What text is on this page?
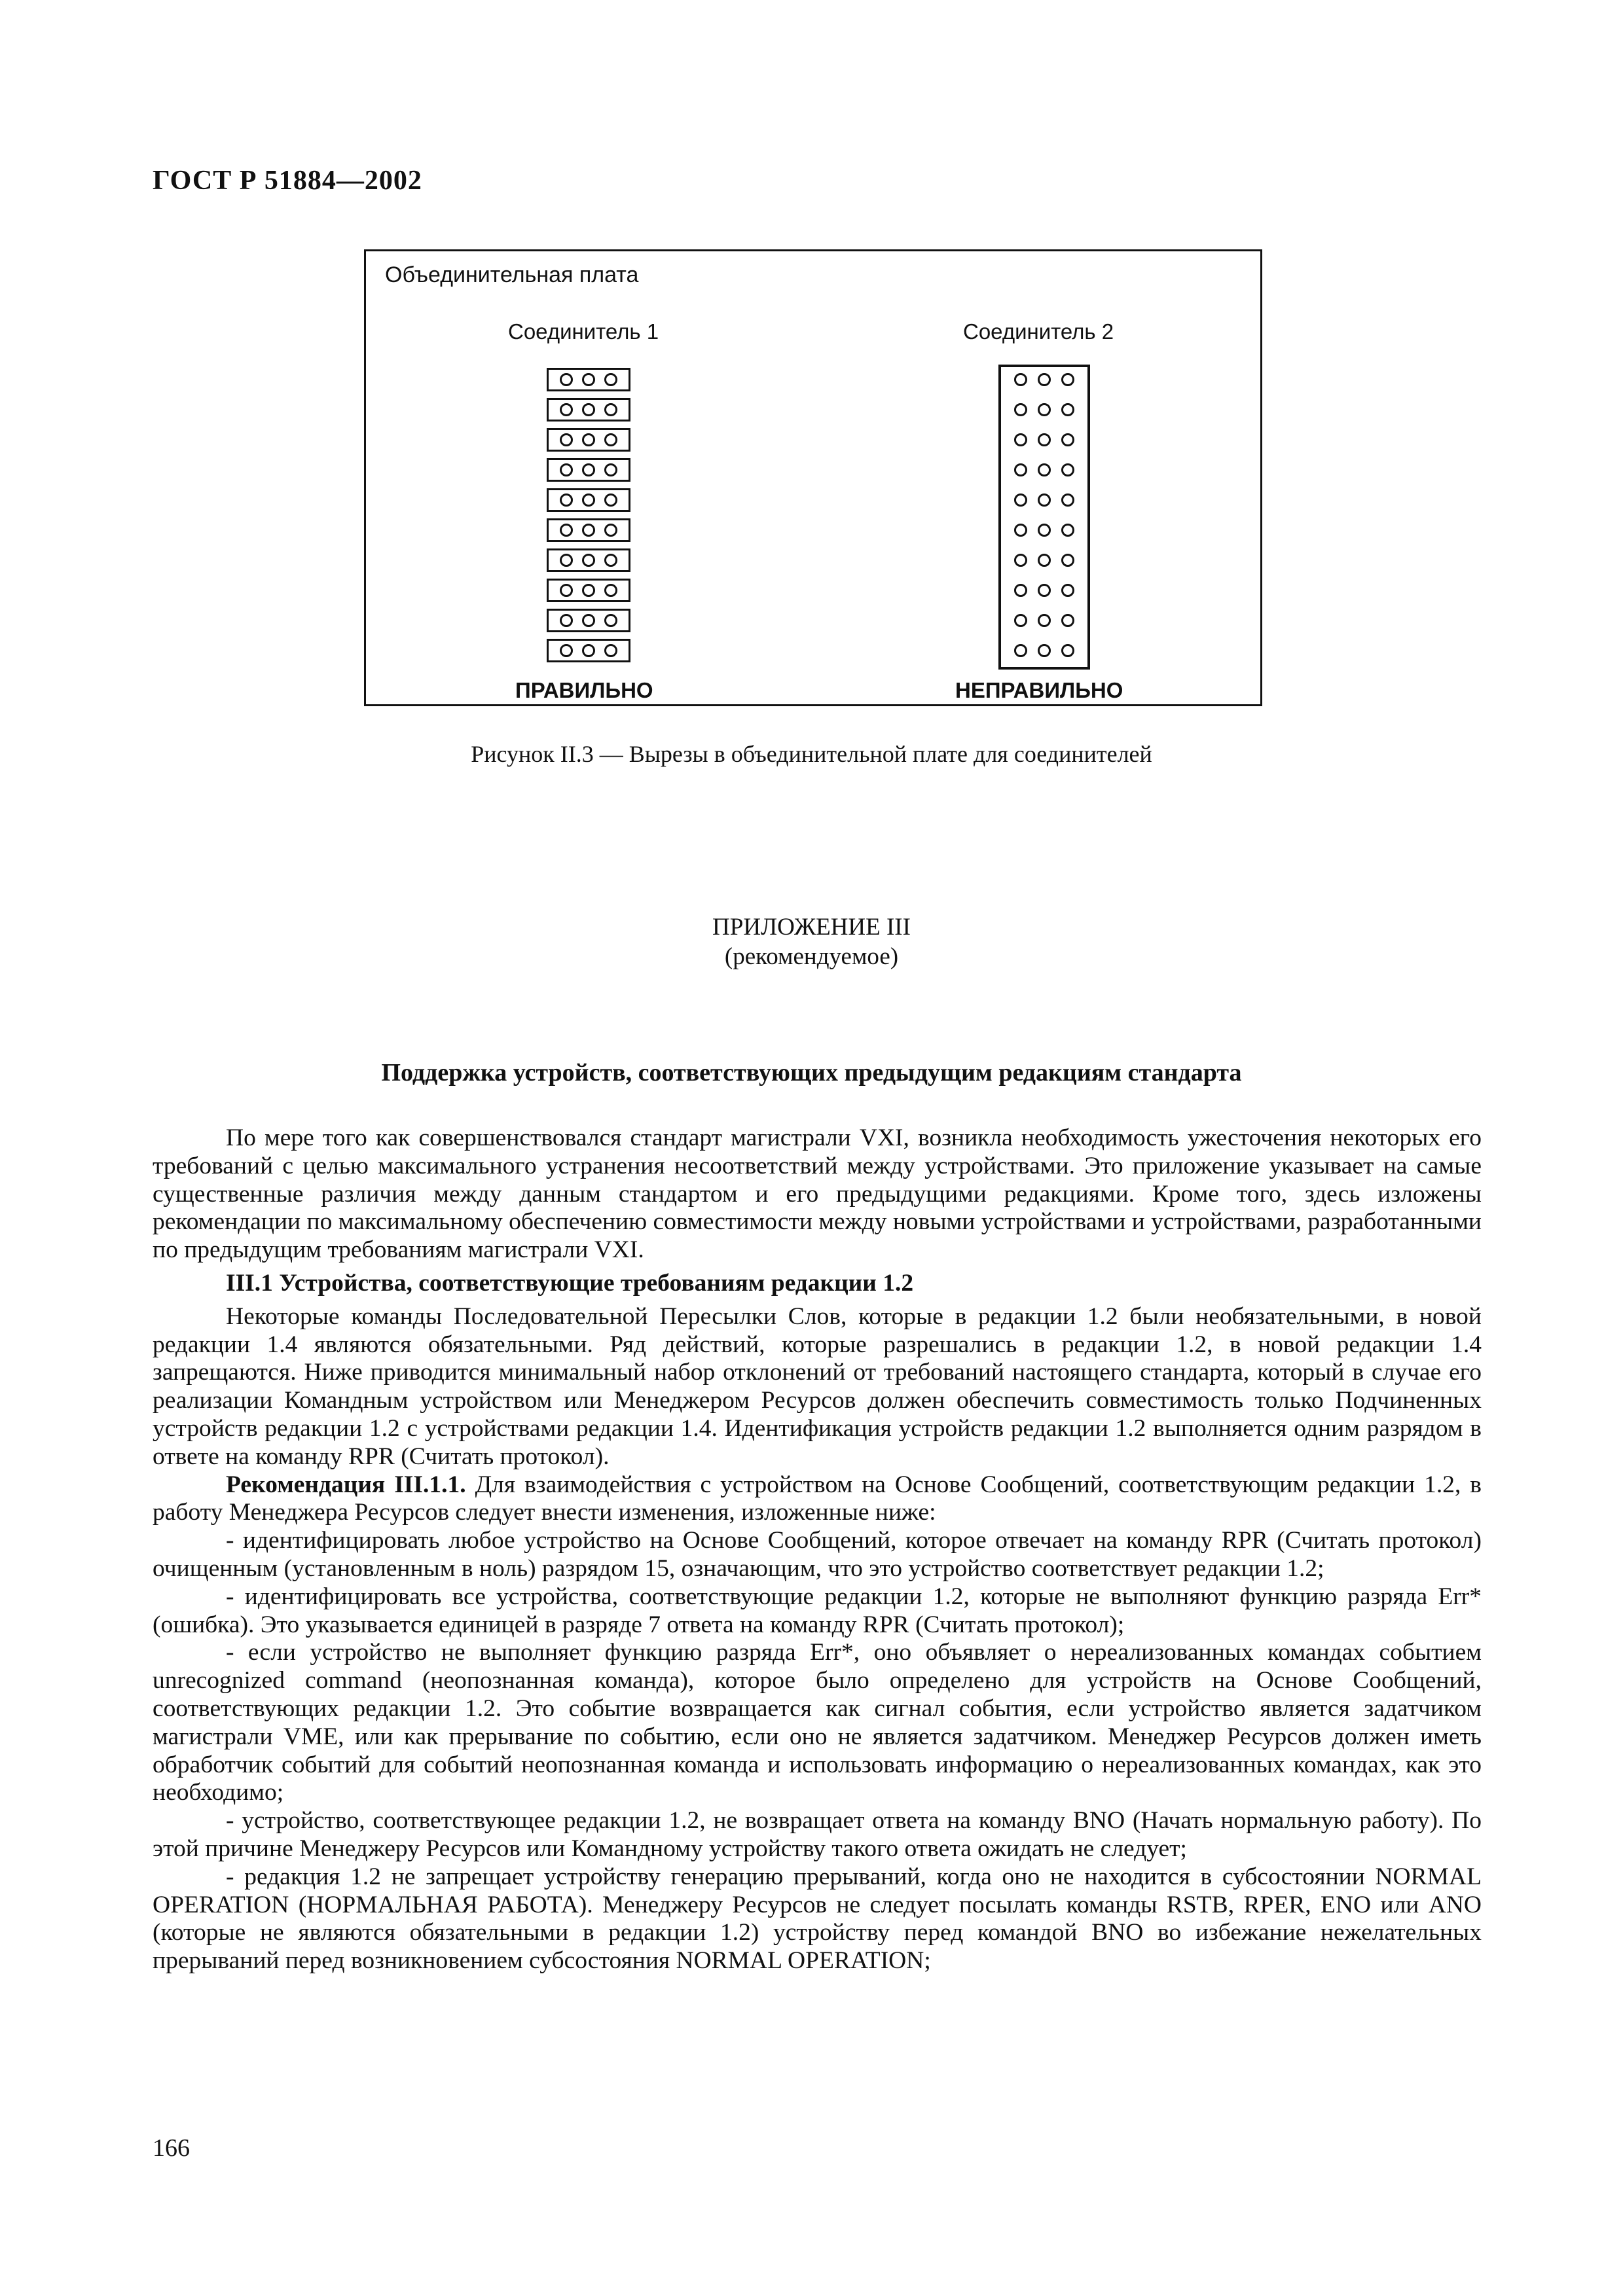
ГОСТ Р 51884—2002
Объединительная плата
Соединитель 1	Соединитель 2
ПРАВИЛЬНО	НЕПРАВИЛЬНО
Рисунок II.3 — Вырезы в объединительной плате для соединителей
ПРИЛОЖЕНИЕ III
(рекомендуемое)
Поддержка устройств, соответствующих предыдущим редакциям стандарта

По мере того как совершенствовался стандарт магистрали VXI, возникла необходимость ужесточения некоторых его требований с целью максимального устранения несоответствий между устройствами. Это приложение указывает на самые существенные различия между данным стандартом и его предыдущими редакциями. Кроме того, здесь изложены рекомендации по максимальному обеспечению совместимости между новыми устройствами и устройствами, разработанными по предыдущим требованиям магистрали VXI.

III.1 Устройства, соответствующие требованиям редакции 1.2

Некоторые команды Последовательной Пересылки Слов, которые в редакции 1.2 были необязательными, в новой редакции 1.4 являются обязательными. Ряд действий, которые разрешались в редакции 1.2, в новой редакции 1.4 запрещаются. Ниже приводится минимальный набор отклонений от требований настоящего стандарта, который в случае его реализации Командным устройством или Менеджером Ресурсов должен обеспечить совместимость только Подчиненных устройств редакции 1.2 с устройствами редакции 1.4. Идентификация устройств редакции 1.2 выполняется одним разрядом в ответе на команду RPR (Считать протокол).

Рекомендация III.1.1. Для взаимодействия с устройством на Основе Сообщений, соответствующим редакции 1.2, в работу Менеджера Ресурсов следует внести изменения, изложенные ниже:

- идентифицировать любое устройство на Основе Сообщений, которое отвечает на команду RPR (Считать протокол) очищенным (установленным в ноль) разрядом 15, означающим, что это устройство соответствует редакции 1.2;

- идентифицировать все устройства, соответствующие редакции 1.2, которые не выполняют функцию разряда Err* (ошибка). Это указывается единицей в разряде 7 ответа на команду RPR (Считать протокол);

- если устройство не выполняет функцию разряда Err*, оно объявляет о нереализованных командах событием unrecognized command (неопознанная команда), которое было определено для устройств на Основе Сообщений, соответствующих редакции 1.2. Это событие возвращается как сигнал события, если устройство является задатчиком магистрали VME, или как прерывание по событию, если оно не является задатчиком. Менеджер Ресурсов должен иметь обработчик событий для событий неопознанная команда и использовать информацию о нереализованных командах, как это необходимо;

- устройство, соответствующее редакции 1.2, не возвращает ответа на команду BNO (Начать нормальную работу). По этой причине Менеджеру Ресурсов или Командному устройству такого ответа ожидать не следует;

- редакция 1.2 не запрещает устройству генерацию прерываний, когда оно не находится в субсостоянии NORMAL OPERATION (НОРМАЛЬНАЯ РАБОТА). Менеджеру Ресурсов не следует посылать команды RSTB, RPER, ENO или ANO (которые не являются обязательными в редакции 1.2) устройству перед командой BNO во избежание нежелательных прерываний перед возникновением субсостояния NORMAL OPERATION;

166
